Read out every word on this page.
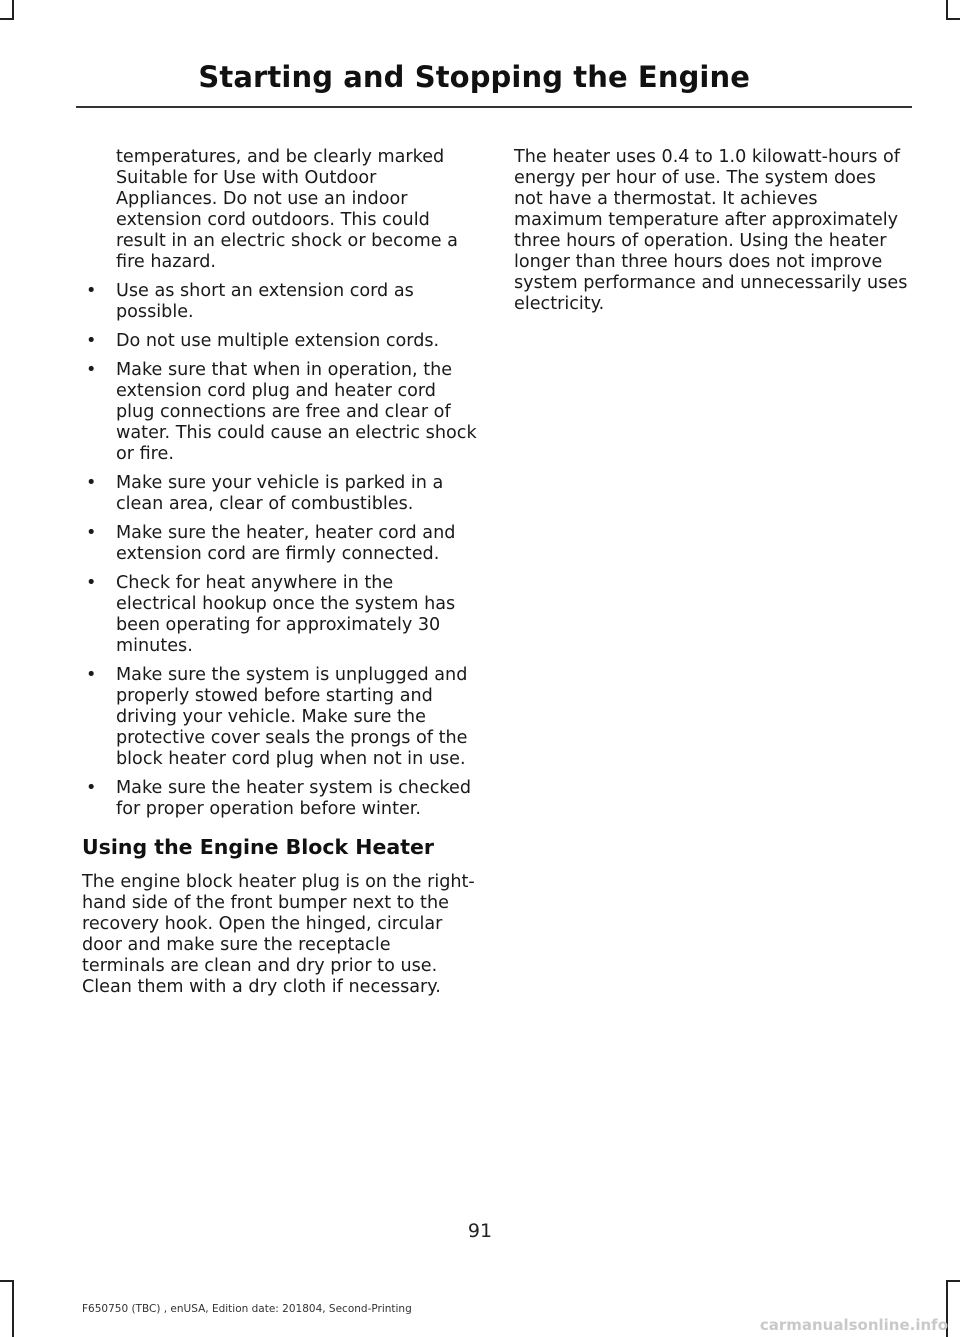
Starting and Stopping the Engine

temperatures, and be clearly marked Suitable for Use with Outdoor Appliances. Do not use an indoor extension cord outdoors. This could result in an electric shock or become a fire hazard.

• Use as short an extension cord as possible.
• Do not use multiple extension cords.
• Make sure that when in operation, the extension cord plug and heater cord plug connections are free and clear of water. This could cause an electric shock or fire.
• Make sure your vehicle is parked in a clean area, clear of combustibles.
• Make sure the heater, heater cord and extension cord are firmly connected.
• Check for heat anywhere in the electrical hookup once the system has been operating for approximately 30 minutes.
• Make sure the system is unplugged and properly stowed before starting and driving your vehicle. Make sure the protective cover seals the prongs of the block heater cord plug when not in use.
• Make sure the heater system is checked for proper operation before winter.
Using the Engine Block Heater

The engine block heater plug is on the right-hand side of the front bumper next to the recovery hook. Open the hinged, circular door and make sure the receptacle terminals are clean and dry prior to use. Clean them with a dry cloth if necessary.

The heater uses 0.4 to 1.0 kilowatt-hours of energy per hour of use. The system does not have a thermostat. It achieves maximum temperature after approximately three hours of operation. Using the heater longer than three hours does not improve system performance and unnecessarily uses electricity.

91
F650750 (TBC) , enUSA, Edition date: 201804, Second-Printing
carmanualsonline.info
